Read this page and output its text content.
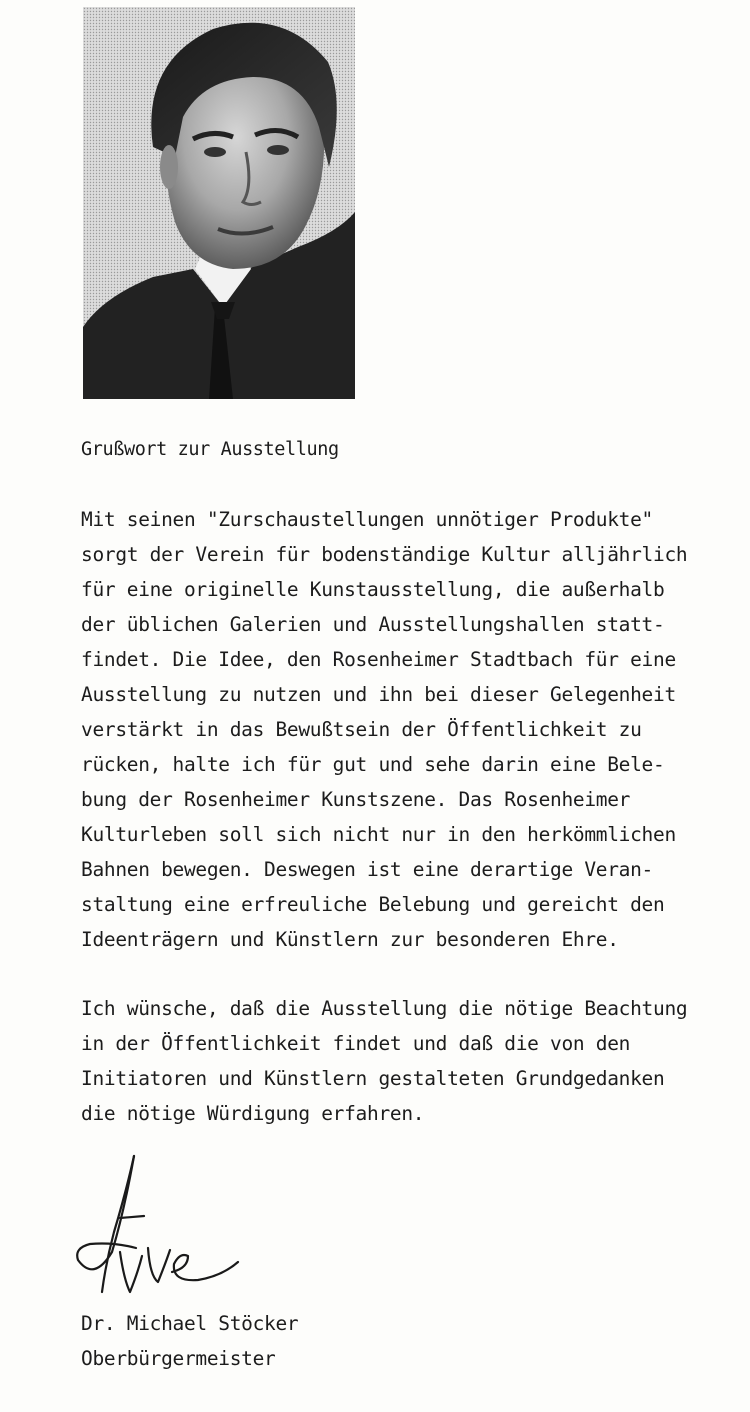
Grußwort zur Ausstellung
Mit seinen "Zurschaustellungen unnötiger Produkte"
sorgt der Verein für bodenständige Kultur alljährlich
für eine originelle Kunstausstellung, die außerhalb
der üblichen Galerien und Ausstellungshallen statt-
findet. Die Idee, den Rosenheimer Stadtbach für eine
Ausstellung zu nutzen und ihn bei dieser Gelegenheit
verstärkt in das Bewußtsein der Öffentlichkeit zu
rücken, halte ich für gut und sehe darin eine Bele-
bung der Rosenheimer Kunstszene. Das Rosenheimer
Kulturleben soll sich nicht nur in den herkömmlichen
Bahnen bewegen. Deswegen ist eine derartige Veran-
staltung eine erfreuliche Belebung und gereicht den
Ideenträgern und Künstlern zur besonderen Ehre.
Ich wünsche, daß die Ausstellung die nötige Beachtung
in der Öffentlichkeit findet und daß die von den
Initiatoren und Künstlern gestalteten Grundgedanken
die nötige Würdigung erfahren.
Dr. Michael Stöcker
Oberbürgermeister
